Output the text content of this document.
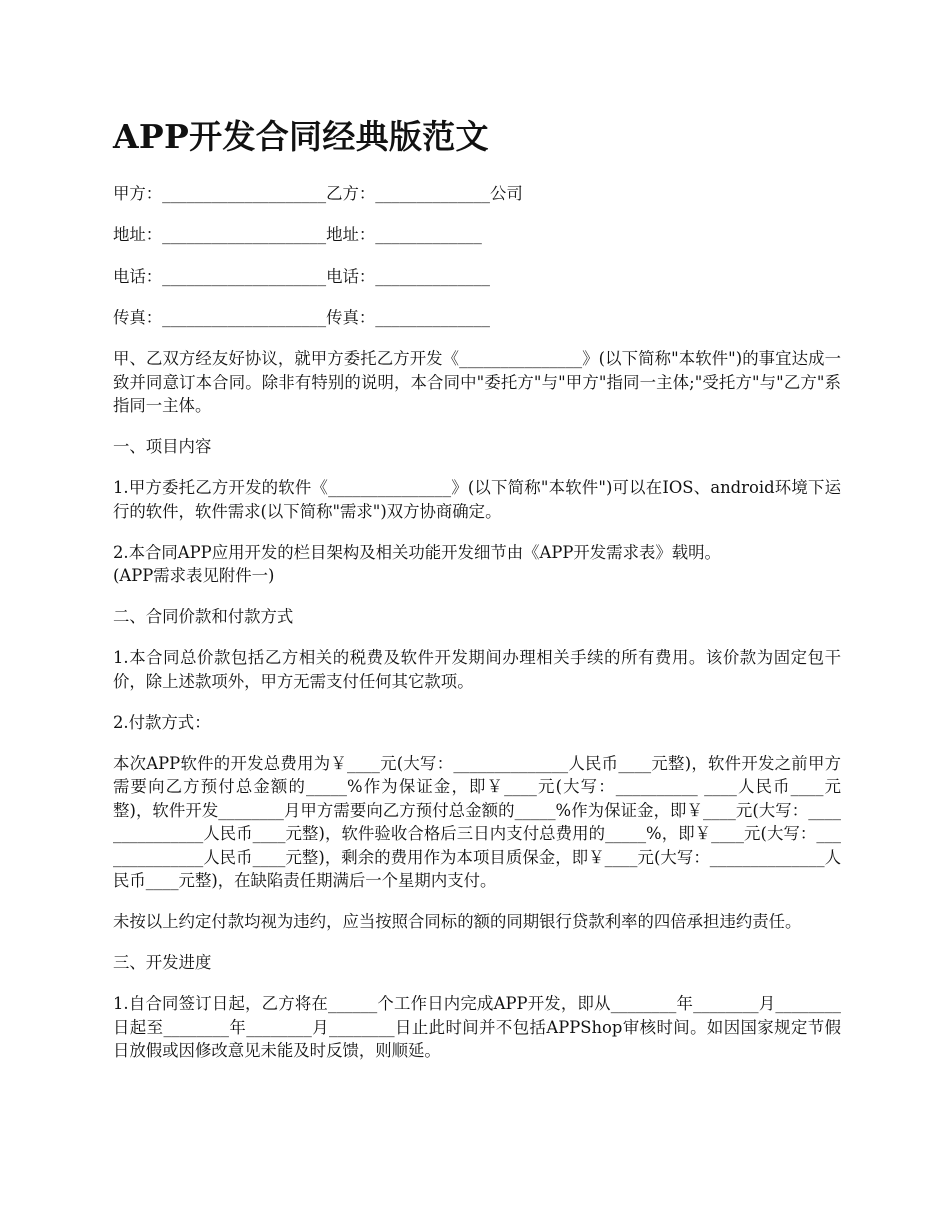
APP开发合同经典版范文
甲方：____________________乙方：______________公司
地址：____________________地址：_____________
电话：____________________电话：______________
传真：____________________传真：______________
甲、乙双方经友好协议，就甲方委托乙方开发《_______________》(以下简称"本软件")的事宜达成一致并同意订本合同。除非有特别的说明，本合同中"委托方"与"甲方"指同一主体;"受托方"与"乙方"系指同一主体。
一、项目内容
1.甲方委托乙方开发的软件《_______________》(以下简称"本软件")可以在IOS、android环境下运行的软件，软件需求(以下简称"需求")双方协商确定。
2.本合同APP应用开发的栏目架构及相关功能开发细节由《APP开发需求表》载明。
(APP需求表见附件一)
二、合同价款和付款方式
1.本合同总价款包括乙方相关的税费及软件开发期间办理相关手续的所有费用。该价款为固定包干价，除上述款项外，甲方无需支付任何其它款项。
2.付款方式：
本次APP软件的开发总费用为￥____元(大写：______________人民币____元整)，软件开发之前甲方需要向乙方预付总金额的_____%作为保证金，即￥____元(大写：__________ ____人民币____元整)，软件开发________月甲方需要向乙方预付总金额的_____%作为保证金，即￥____元(大写：_______________人民币____元整)，软件验收合格后三日内支付总费用的_____%，即￥____元(大写：______________人民币____元整)，剩余的费用作为本项目质保金，即￥____元(大写：______________人民币____元整)，在缺陷责任期满后一个星期内支付。
未按以上约定付款均视为违约，应当按照合同标的额的同期银行贷款利率的四倍承担违约责任。
三、开发进度
1.自合同签订日起，乙方将在______个工作日内完成APP开发，即从________年________月________日起至________年________月________日止此时间并不包括APPShop审核时间。如因国家规定节假日放假或因修改意见未能及时反馈，则顺延。
